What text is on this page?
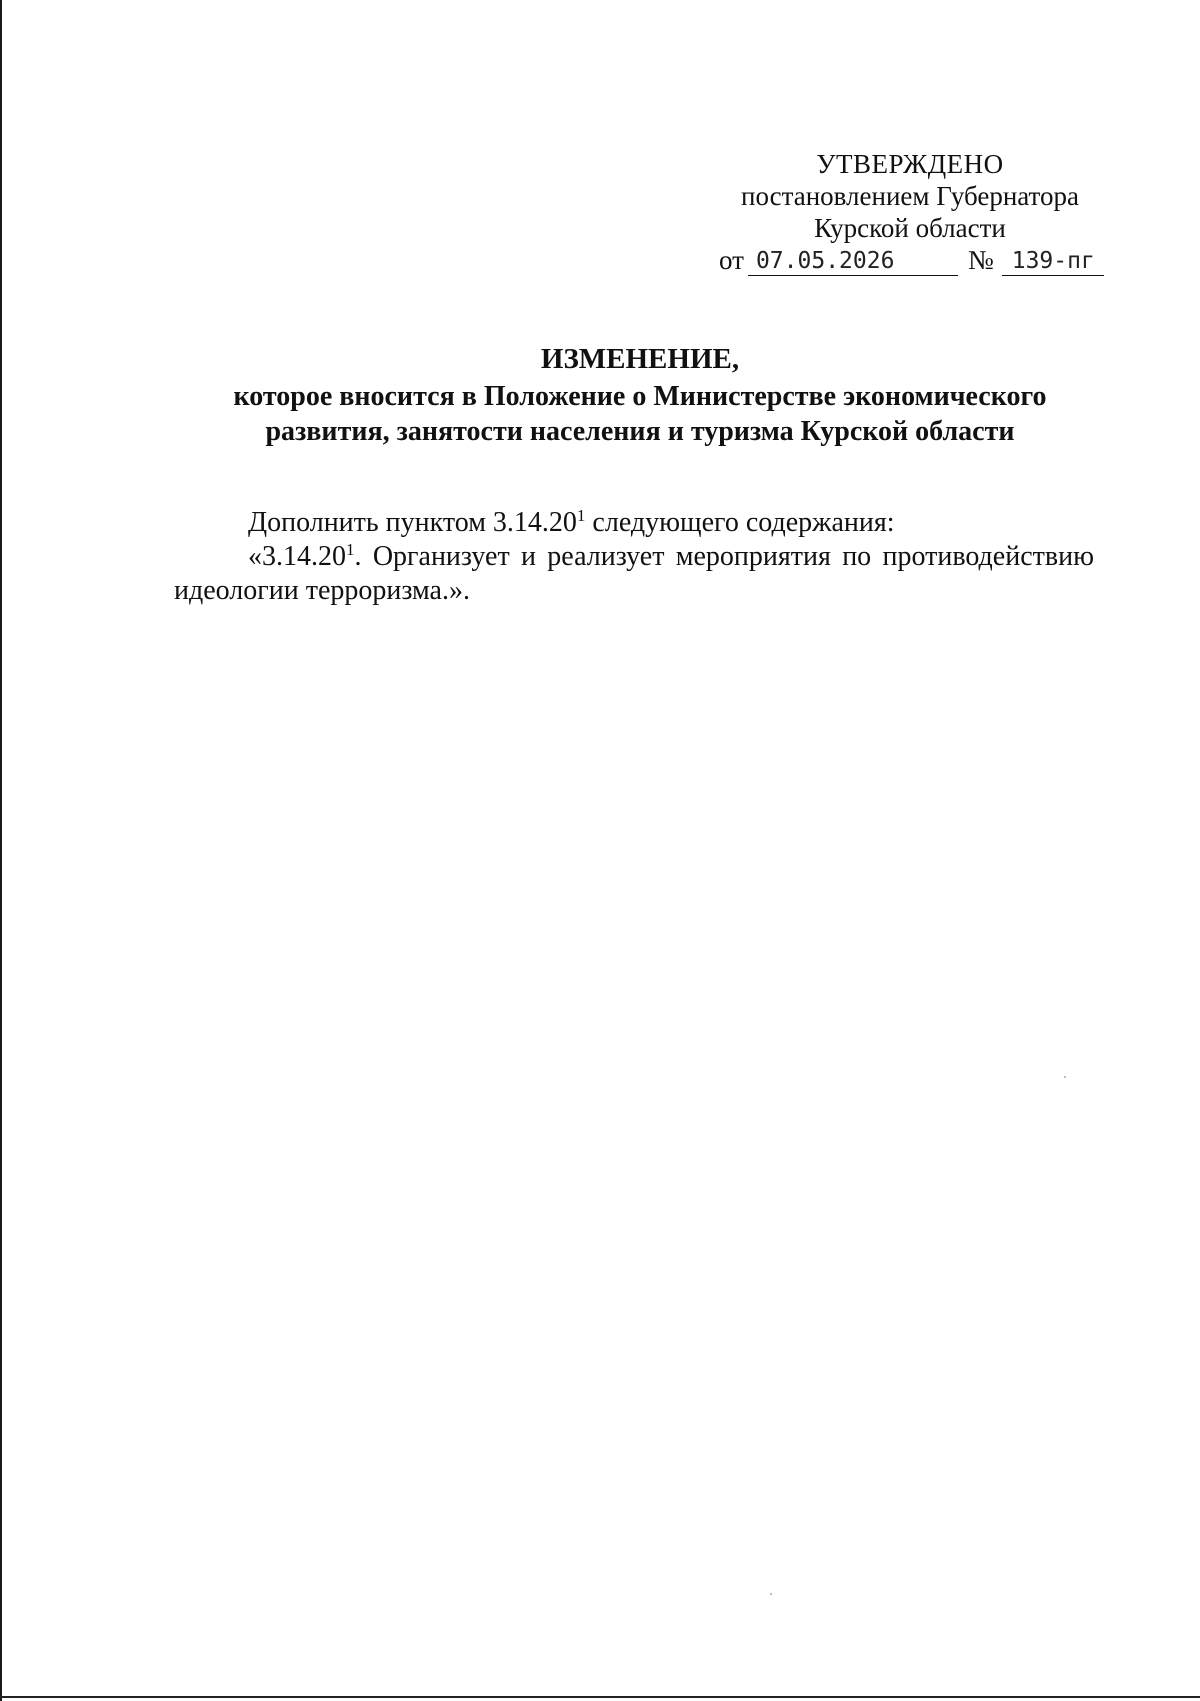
УТВЕРЖДЕНО
постановлением Губернатора
Курской области
от 07.05.2026	№ 139-пг
ИЗМЕНЕНИЕ,
которое вносится в Положение о Министерстве экономического
развития, занятости населения и туризма Курской области

Дополнить пунктом 3.14.20$^1$ следующего содержания:

«3.14.20$^1$. Организует и реализует мероприятия по противодействию идеологии терроризма.».
